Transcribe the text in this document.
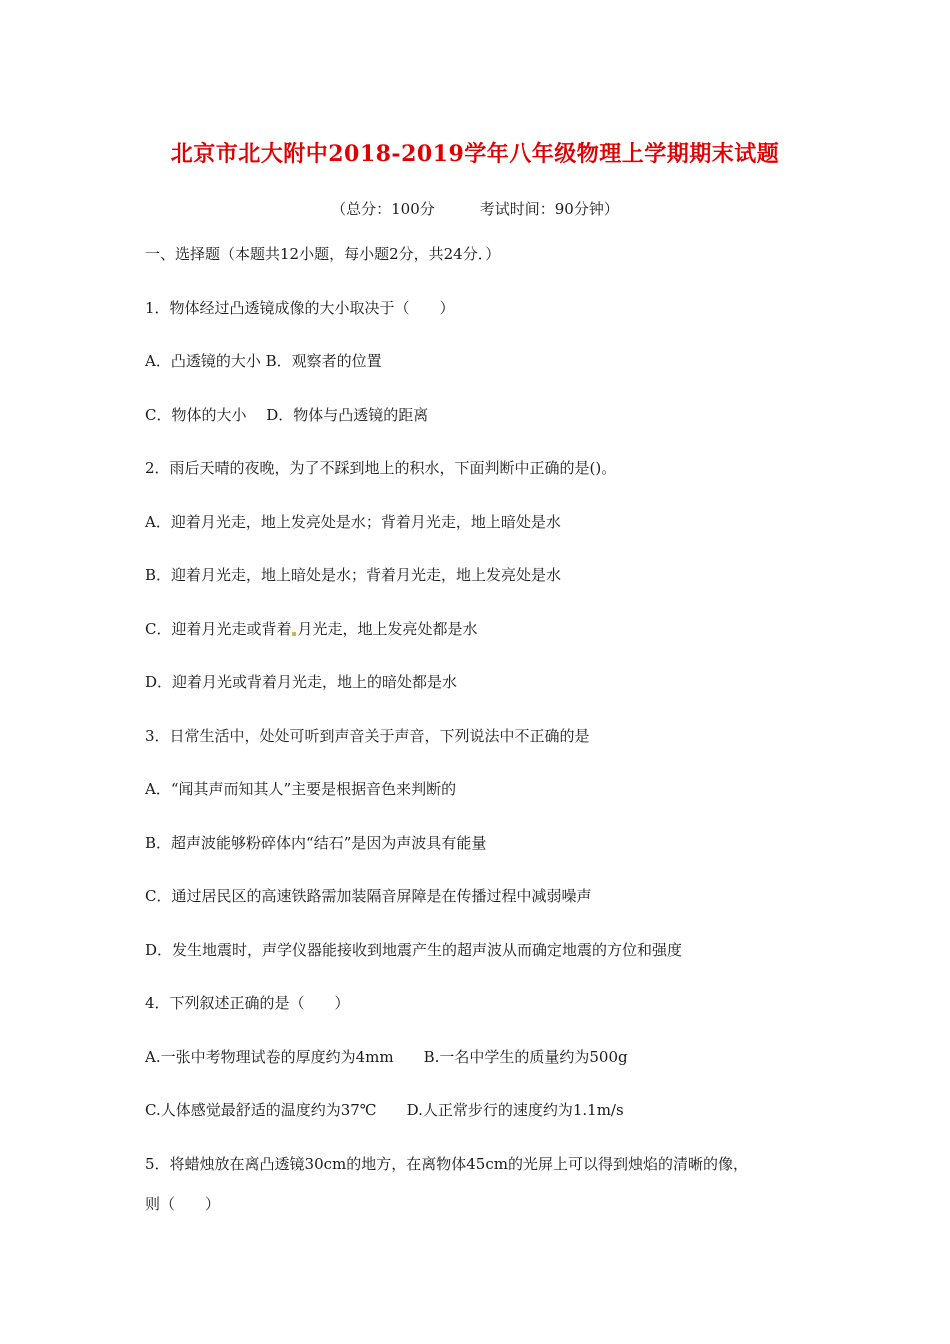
北京市北大附中2018-2019学年八年级物理上学期期末试题
（总分：100分　　　考试时间：90分钟）
一、选择题（本题共12小题，每小题2分，共24分．）
1．物体经过凸透镜成像的大小取决于（　　）
A．凸透镜的大小 B．观察者的位置
C．物体的大小　 D．物体与凸透镜的距离
2．雨后天晴的夜晚，为了不踩到地上的积水，下面判断中正确的是()。
A．迎着月光走，地上发亮处是水；背着月光走，地上暗处是水
B．迎着月光走，地上暗处是水；背着月光走，地上发亮处是水
C．迎着月光走或背着 月光走，地上发亮处都是水
D．迎着月光或背着月光走，地上的暗处都是水
3．日常生活中，处处可听到声音关于声音，下列说法中不正确的是
A．“闻其声而知其人”主要是根据音色来判断的
B．超声波能够粉碎体内“结石”是因为声波具有能量
C．通过居民区的高速铁路需加装隔音屏障是在传播过程中减弱噪声
D．发生地震时，声学仪器能接收到地震产生的超声波从而确定地震的方位和强度
4．下列叙述正确的是（　　）
A.一张中考物理试卷的厚度约为4mm　　B.一名中学生的质量约为500g
C.人体感觉最舒适的温度约为37℃　　D.人正常步行的速度约为1.1m/s
5．将蜡烛放在离凸透镜30cm的地方，在离物体45cm的光屏上可以得到烛焰的清晰的像，
则（　　）
